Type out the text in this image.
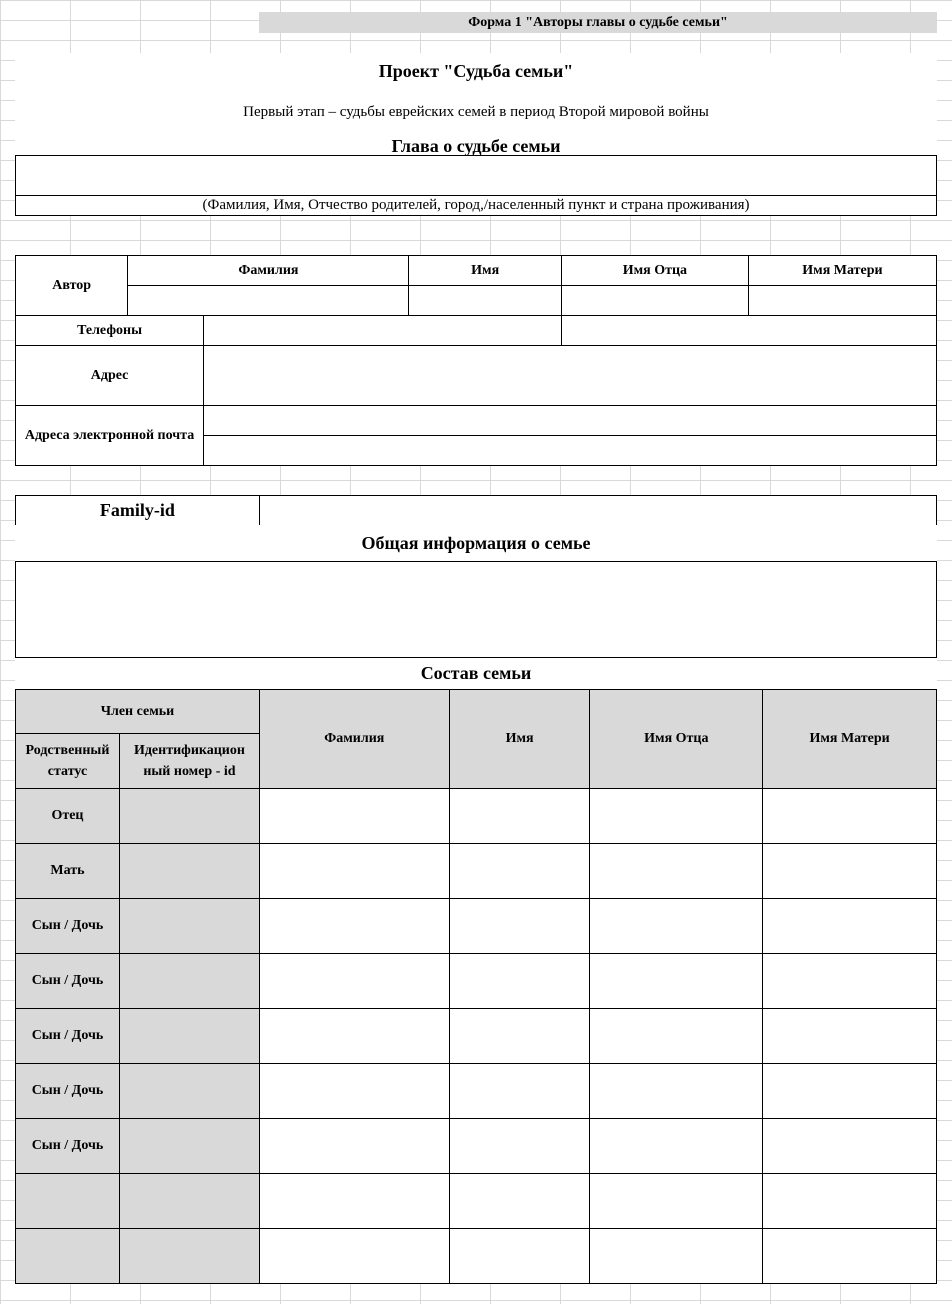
Форма 1 "Авторы главы о судьбе семьи"
Проект "Судьба семьи"
Первый этап – судьбы еврейских семей в период Второй мировой войны
Глава о судьбе семьи
(Фамилия, Имя, Отчество родителей, город,/населенный пункт и страна проживания)
Автор	Фамилия		Имя	Имя Отца	Имя Матери

Телефоны					
Адрес					
Адреса электронной почта					

Family-id	
Общая информация о семье
Состав семьи
Член семьи		Фамилия	Имя	Имя Отца	Имя Матери
Родственный статус	Идентификацион ный номер - id				
Отец					
Мать					
Сын / Дочь					
Сын / Дочь					
Сын / Дочь					
Сын / Дочь					
Сын / Дочь					
